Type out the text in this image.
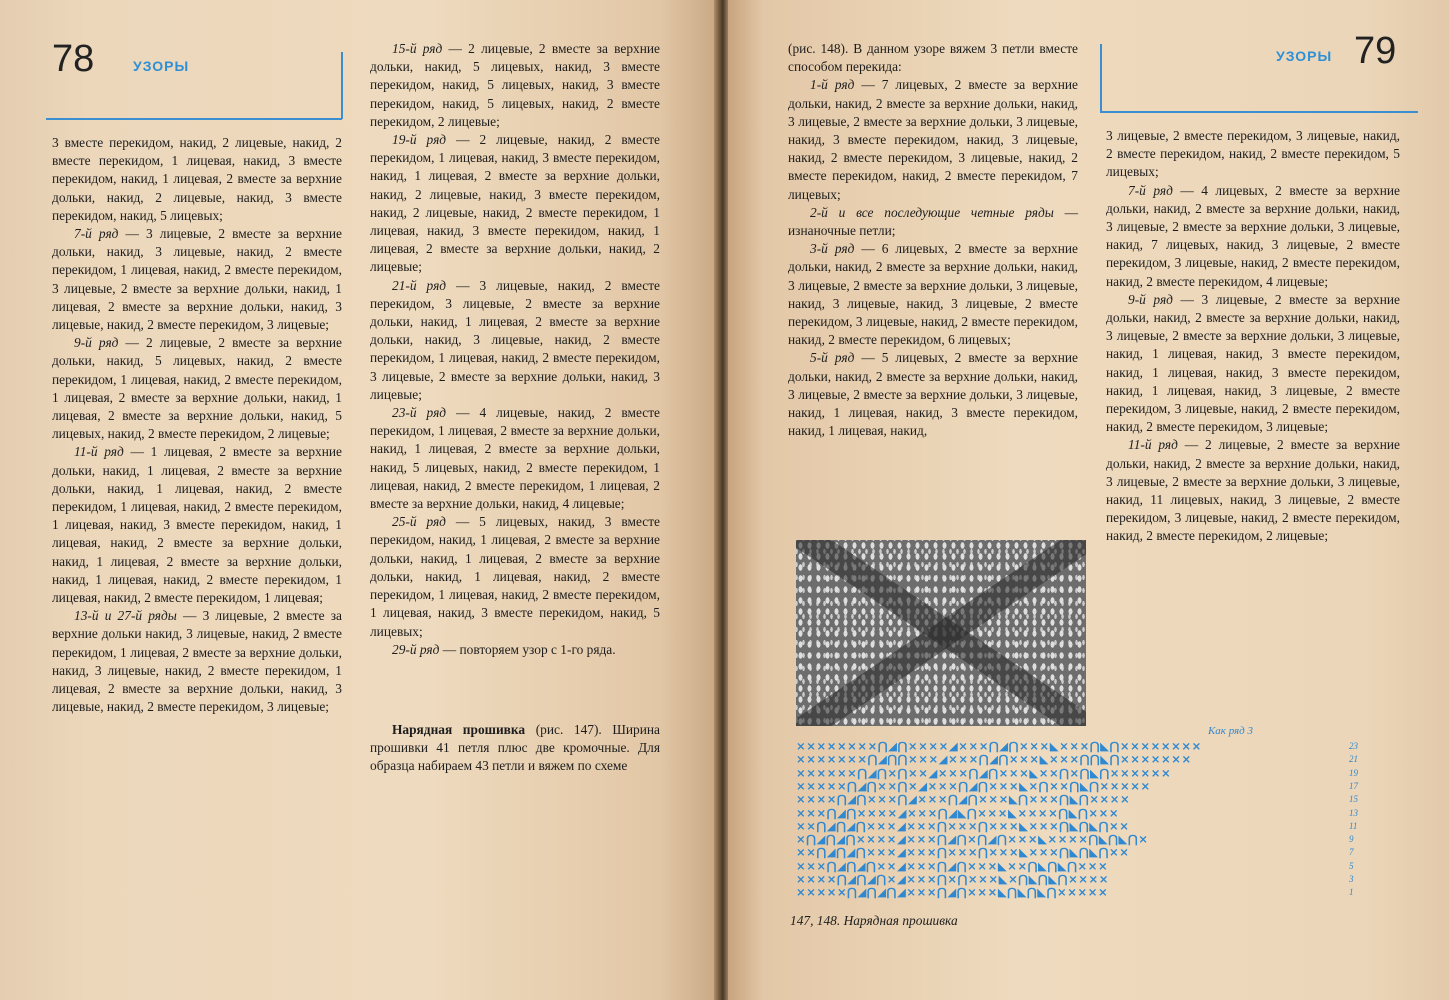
78	УЗОРЫ

3 вместе перекидом, накид, 2 лицевые, накид, 2 вместе перекидом, 1 лицевая, накид, 3 вместе перекидом, накид, 1 лицевая, 2 вместе за верхние дольки, накид, 2 лицевые, накид, 3 вместе перекидом, накид, 5 лицевых;

7-й ряд — 3 лицевые, 2 вместе за верхние дольки, накид, 3 лицевые, накид, 2 вместе перекидом, 1 лицевая, накид, 2 вместе перекидом, 3 лицевые, 2 вместе за верхние дольки, накид, 1 лицевая, 2 вместе за верхние дольки, накид, 3 лицевые, накид, 2 вместе перекидом, 3 лицевые;

9-й ряд — 2 лицевые, 2 вместе за верхние дольки, накид, 5 лицевых, накид, 2 вместе перекидом, 1 лицевая, накид, 2 вместе перекидом, 1 лицевая, 2 вместе за верхние дольки, накид, 1 лицевая, 2 вместе за верхние дольки, накид, 5 лицевых, накид, 2 вместе перекидом, 2 лицевые;

11-й ряд — 1 лицевая, 2 вместе за верхние дольки, накид, 1 лицевая, 2 вместе за верхние дольки, накид, 1 лицевая, накид, 2 вместе перекидом, 1 лицевая, накид, 2 вместе перекидом, 1 лицевая, накид, 3 вместе перекидом, накид, 1 лицевая, накид, 2 вместе за верхние дольки, накид, 1 лицевая, 2 вместе за верхние дольки, накид, 1 лицевая, накид, 2 вместе перекидом, 1 лицевая, накид, 2 вместе перекидом, 1 лицевая;

13-й и 27-й ряды — 3 лицевые, 2 вместе за верхние дольки накид, 3 лицевые, накид, 2 вместе перекидом, 1 лицевая, 2 вместе за верхние дольки, накид, 3 лицевые, накид, 2 вместе перекидом, 1 лицевая, 2 вместе за верхние дольки, накид, 3 лицевые, накид, 2 вместе перекидом, 3 лицевые;

15-й ряд — 2 лицевые, 2 вместе за верхние дольки, накид, 5 лицевых, накид, 3 вместе перекидом, накид, 5 лицевых, накид, 3 вместе перекидом, накид, 5 лицевых, накид, 2 вместе перекидом, 2 лицевые;

19-й ряд — 2 лицевые, накид, 2 вместе перекидом, 1 лицевая, накид, 3 вместе перекидом, накид, 1 лицевая, 2 вместе за верхние дольки, накид, 2 лицевые, накид, 3 вместе перекидом, накид, 2 лицевые, накид, 2 вместе перекидом, 1 лицевая, накид, 3 вместе перекидом, накид, 1 лицевая, 2 вместе за верхние дольки, накид, 2 лицевые;

21-й ряд — 3 лицевые, накид, 2 вместе перекидом, 3 лицевые, 2 вместе за верхние дольки, накид, 1 лицевая, 2 вместе за верхние дольки, накид, 3 лицевые, накид, 2 вместе перекидом, 1 лицевая, накид, 2 вместе перекидом, 3 лицевые, 2 вместе за верхние дольки, накид, 3 лицевые;

23-й ряд — 4 лицевые, накид, 2 вместе перекидом, 1 лицевая, 2 вместе за верхние дольки, накид, 1 лицевая, 2 вместе за верхние дольки, накид, 5 лицевых, накид, 2 вместе перекидом, 1 лицевая, накид, 2 вместе перекидом, 1 лицевая, 2 вместе за верхние дольки, накид, 4 лицевые;

25-й ряд — 5 лицевых, накид, 3 вместе перекидом, накид, 1 лицевая, 2 вместе за верхние дольки, накид, 1 лицевая, 2 вместе за верхние дольки, накид, 1 лицевая, накид, 2 вместе перекидом, 1 лицевая, накид, 2 вместе перекидом, 1 лицевая, накид, 3 вместе перекидом, накид, 5 лицевых;

29-й ряд — повторяем узор с 1-го ряда.

Нарядная прошивка (рис. 147). Ширина прошивки 41 петля плюс две кромочные. Для образца набираем 43 петли и вяжем по схеме

79
УЗОРЫ

(рис. 148). В данном узоре вяжем 3 петли вместе способом перекида:

1-й ряд — 7 лицевых, 2 вместе за верхние дольки, накид, 2 вместе за верхние дольки, накид, 3 лицевые, 2 вместе за верхние дольки, 3 лицевые, накид, 3 вместе перекидом, накид, 3 лицевые, накид, 2 вместе перекидом, 3 лицевые, накид, 2 вместе перекидом, накид, 2 вместе перекидом, 7 лицевых;

2-й и все последующие четные ряды — изнаночные петли;

3-й ряд — 6 лицевых, 2 вместе за верхние дольки, накид, 2 вместе за верхние дольки, накид, 3 лицевые, 2 вместе за верхние дольки, 3 лицевые, накид, 3 лицевые, накид, 3 лицевые, 2 вместе перекидом, 3 лицевые, накид, 2 вместе перекидом, накид, 2 вместе перекидом, 6 лицевых;

5-й ряд — 5 лицевых, 2 вместе за верхние дольки, накид, 2 вместе за верхние дольки, накид, 3 лицевые, 2 вместе за верхние дольки, 3 лицевые, накид, 1 лицевая, накид, 3 вместе перекидом, накид, 1 лицевая, накид,

3 лицевые, 2 вместе перекидом, 3 лицевые, накид, 2 вместе перекидом, накид, 2 вместе перекидом, 5 лицевых;

7-й ряд — 4 лицевых, 2 вместе за верхние дольки, накид, 2 вместе за верхние дольки, накид, 3 лицевые, 2 вместе за верхние дольки, 3 лицевые, накид, 7 лицевых, накид, 3 лицевые, 2 вместе перекидом, 3 лицевые, накид, 2 вместе перекидом, накид, 2 вместе перекидом, 4 лицевые;

9-й ряд — 3 лицевые, 2 вместе за верхние дольки, накид, 2 вместе за верхние дольки, накид, 3 лицевые, 2 вместе за верхние дольки, 3 лицевые, накид, 1 лицевая, накид, 3 вместе перекидом, накид, 1 лицевая, накид, 3 вместе перекидом, накид, 1 лицевая, накид, 3 лицевые, 2 вместе перекидом, 3 лицевые, накид, 2 вместе перекидом, накид, 2 вместе перекидом, 3 лицевые;

11-й ряд — 2 лицевые, 2 вместе за верхние дольки, накид, 2 вместе за верхние дольки, накид, 3 лицевые, 2 вместе за верхние дольки, 3 лицевые, накид, 11 лицевых, накид, 3 лицевые, 2 вместе перекидом, 3 лицевые, накид, 2 вместе перекидом, накид, 2 вместе перекидом, 2 лицевые;

Как ряд 3
××××××××⋂◢⋂××××◢×××⋂◢⋂×××◣×××⋂◣⋂××××××××	23
×××××××⋂◢⋂⋂×××◢×××⋂◢⋂×××◣×××⋂⋂◣⋂×××××××	21
××××××⋂◢⋂×⋂××◢×××⋂◢⋂×××◣××⋂×⋂◣⋂××××××	19
×××××⋂◢⋂××⋂×◢×××⋂◢⋂×××◣×⋂××⋂◣⋂×××××	17
××××⋂◢⋂×××⋂◢×××⋂◢⋂×××◣⋂×××⋂◣⋂××××	15
×××⋂◢⋂××××◢×××⋂◢◣⋂×××◣××××⋂◣⋂×××	13
××⋂◢⋂◢⋂×××◢×××⋂×××⋂×××◣×××⋂◣⋂◣⋂××	11
×⋂◢⋂◢⋂××××◢×××⋂◢⋂×⋂◢⋂×××◣××××⋂◣⋂◣⋂×	9
××⋂◢⋂◢⋂×××◢×××⋂×××⋂×××◣×××⋂◣⋂◣⋂××	7
×××⋂◢⋂◢⋂××◢×××⋂◢⋂×××◣××⋂◣⋂◣⋂×××	5
××××⋂◢⋂◢⋂×◢×××⋂×⋂×××◣×⋂◣⋂◣⋂××××	3
×××××⋂◢⋂◢⋂◢×××⋂◢⋂×××◣⋂◣⋂◣⋂×××××	1
147, 148. Нарядная прошивка
